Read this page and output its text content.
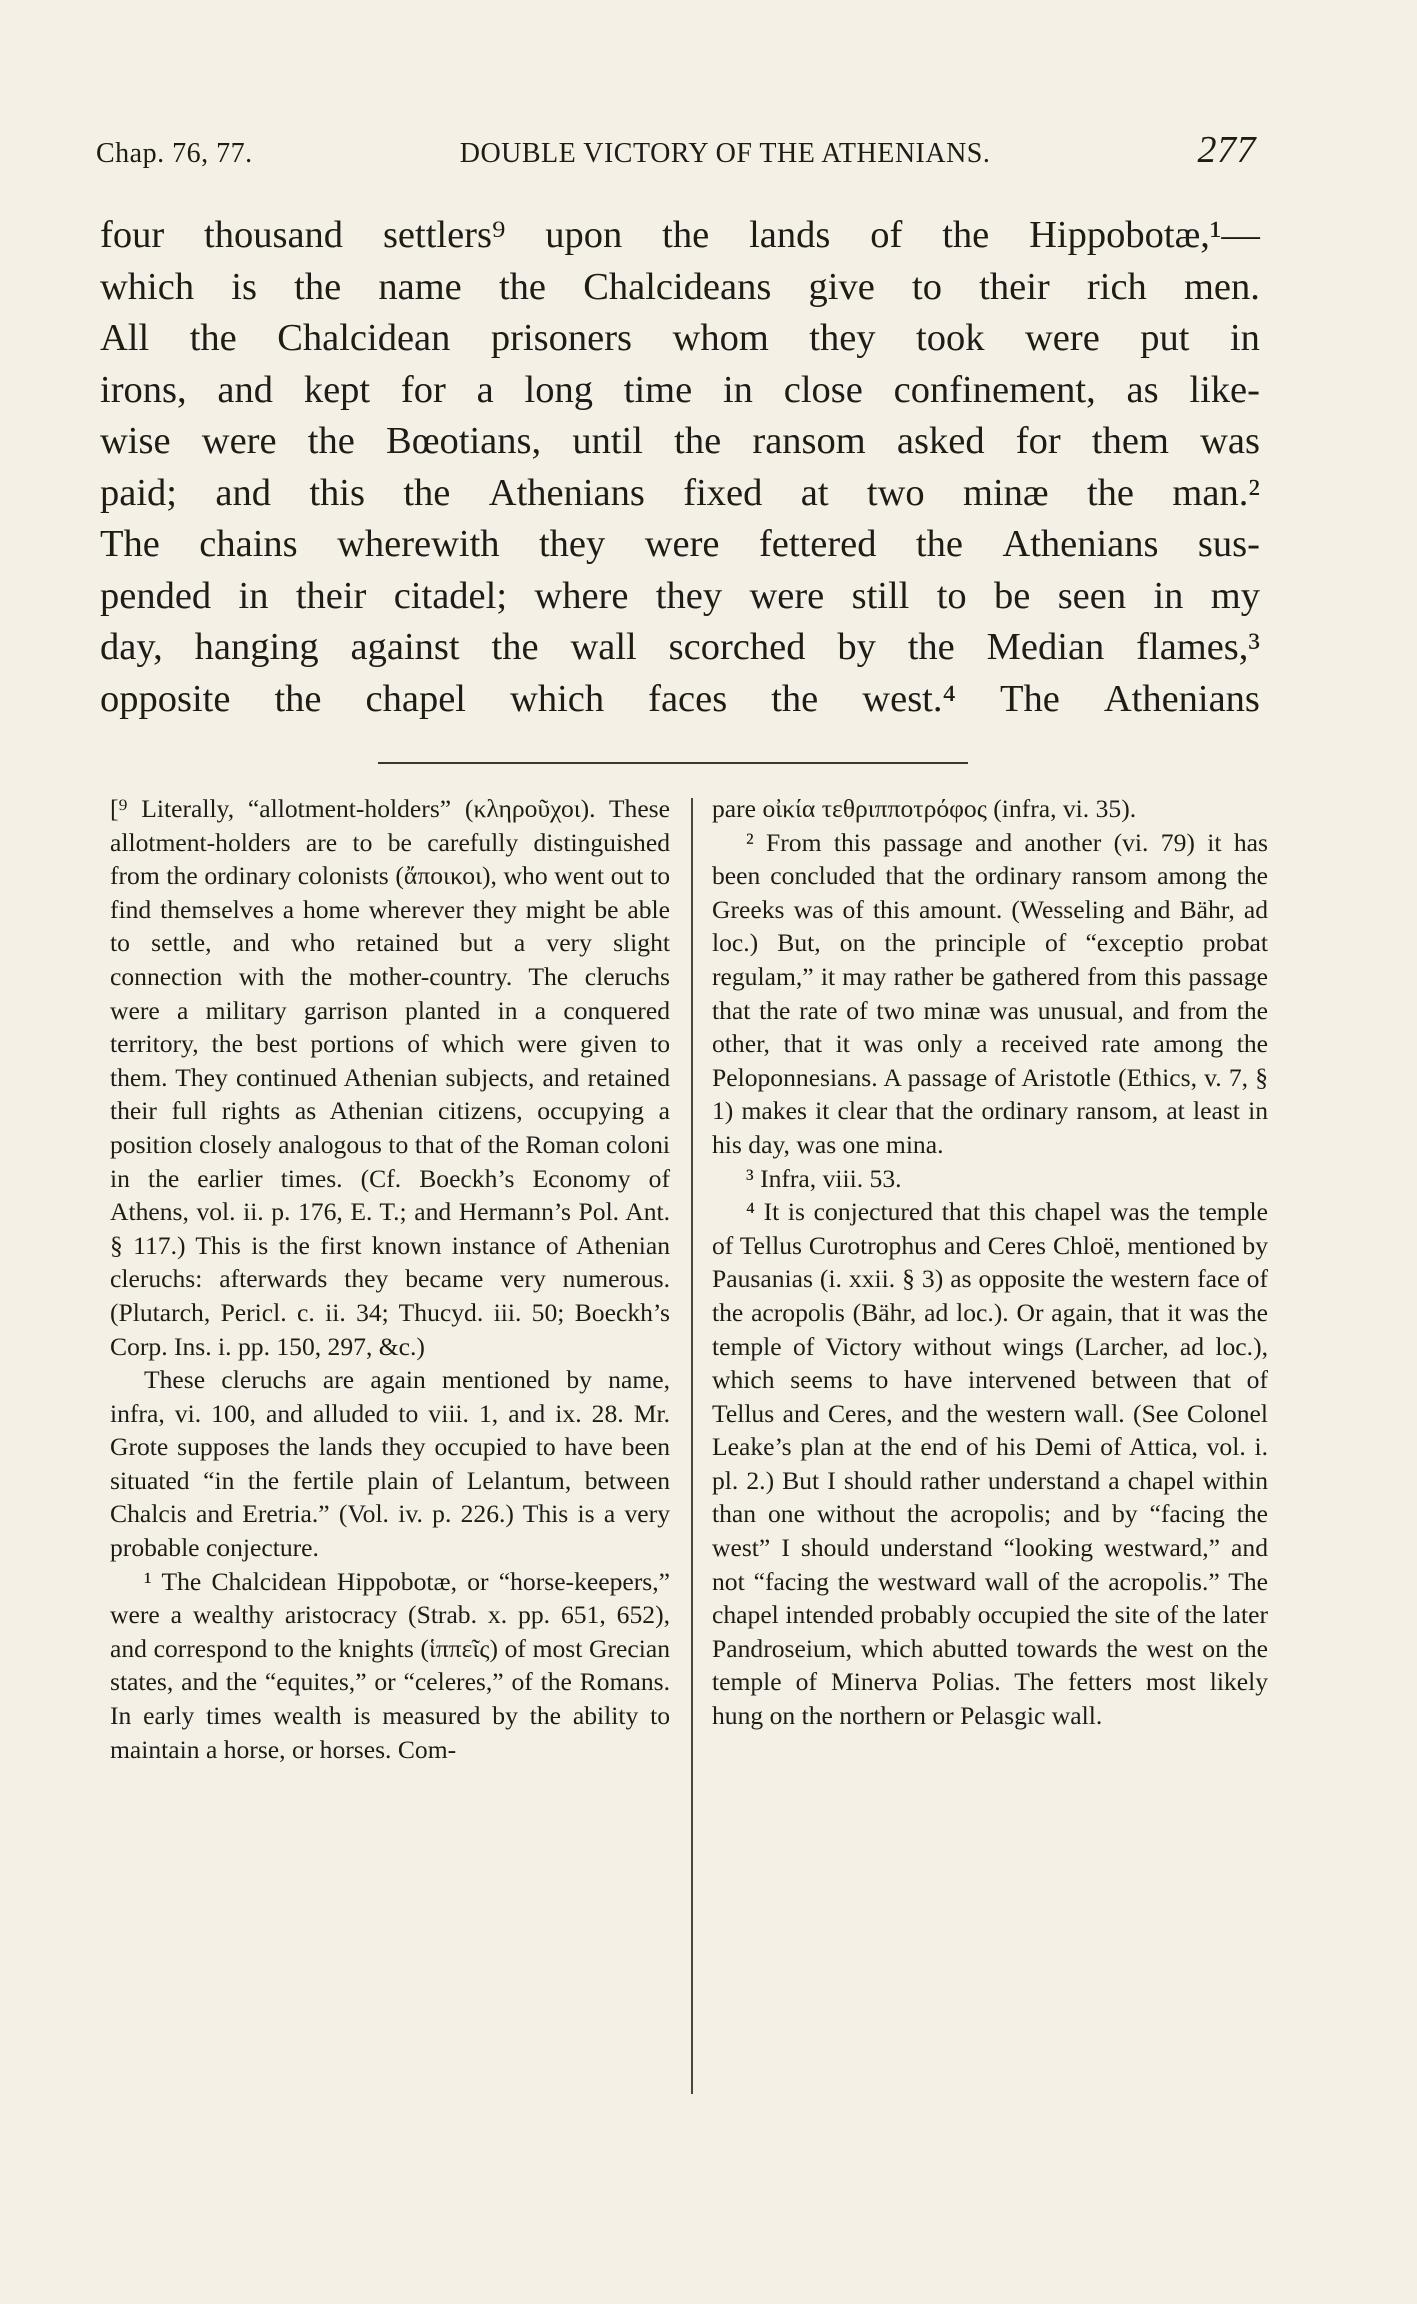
Chap. 76, 77.	DOUBLE VICTORY OF THE ATHENIANS.	277
four thousand settlers⁹ upon the lands of the Hippobotæ,¹—
which is the name the Chalcideans give to their rich men.
All the Chalcidean prisoners whom they took were put in
irons, and kept for a long time in close confinement, as like-
wise were the Bœotians, until the ransom asked for them was
paid; and this the Athenians fixed at two minæ the man.²
The chains wherewith they were fettered the Athenians sus-
pended in their citadel; where they were still to be seen in my
day, hanging against the wall scorched by the Median flames,³
opposite the chapel which faces the west.⁴ The Athenians

[⁹ Literally, “allotment-holders” (κληροῦχοι). These allotment-holders are to be carefully distinguished from the ordinary colonists (ἄποικοι), who went out to find themselves a home wherever they might be able to settle, and who retained but a very slight connection with the mother-country. The cleruchs were a military garrison planted in a conquered territory, the best portions of which were given to them. They continued Athenian subjects, and retained their full rights as Athenian citizens, occupying a position closely analogous to that of the Roman coloni in the earlier times. (Cf. Boeckh’s Economy of Athens, vol. ii. p. 176, E. T.; and Hermann’s Pol. Ant. § 117.) This is the first known instance of Athenian cleruchs: afterwards they became very numerous. (Plutarch, Pericl. c. ii. 34; Thucyd. iii. 50; Boeckh’s Corp. Ins. i. pp. 150, 297, &c.)

These cleruchs are again mentioned by name, infra, vi. 100, and alluded to viii. 1, and ix. 28. Mr. Grote supposes the lands they occupied to have been situated “in the fertile plain of Lelantum, between Chalcis and Eretria.” (Vol. iv. p. 226.) This is a very probable conjecture.

¹ The Chalcidean Hippobotæ, or “horse-keepers,” were a wealthy aristocracy (Strab. x. pp. 651, 652), and correspond to the knights (ἱππεῖς) of most Grecian states, and the “equites,” or “celeres,” of the Romans. In early times wealth is measured by the ability to maintain a horse, or horses. Com-

pare οἰκία τεθριπποτρόφος (infra, vi. 35).

² From this passage and another (vi. 79) it has been concluded that the ordinary ransom among the Greeks was of this amount. (Wesseling and Bähr, ad loc.) But, on the principle of “exceptio probat regulam,” it may rather be gathered from this passage that the rate of two minæ was unusual, and from the other, that it was only a received rate among the Peloponnesians. A passage of Aristotle (Ethics, v. 7, § 1) makes it clear that the ordinary ransom, at least in his day, was one mina.

³ Infra, viii. 53.

⁴ It is conjectured that this chapel was the temple of Tellus Curotrophus and Ceres Chloë, mentioned by Pausanias (i. xxii. § 3) as opposite the western face of the acropolis (Bähr, ad loc.). Or again, that it was the temple of Victory without wings (Larcher, ad loc.), which seems to have intervened between that of Tellus and Ceres, and the western wall. (See Colonel Leake’s plan at the end of his Demi of Attica, vol. i. pl. 2.) But I should rather understand a chapel within than one without the acropolis; and by “facing the west” I should understand “looking westward,” and not “facing the westward wall of the acropolis.” The chapel intended probably occupied the site of the later Pandroseium, which abutted towards the west on the temple of Minerva Polias. The fetters most likely hung on the northern or Pelasgic wall.
